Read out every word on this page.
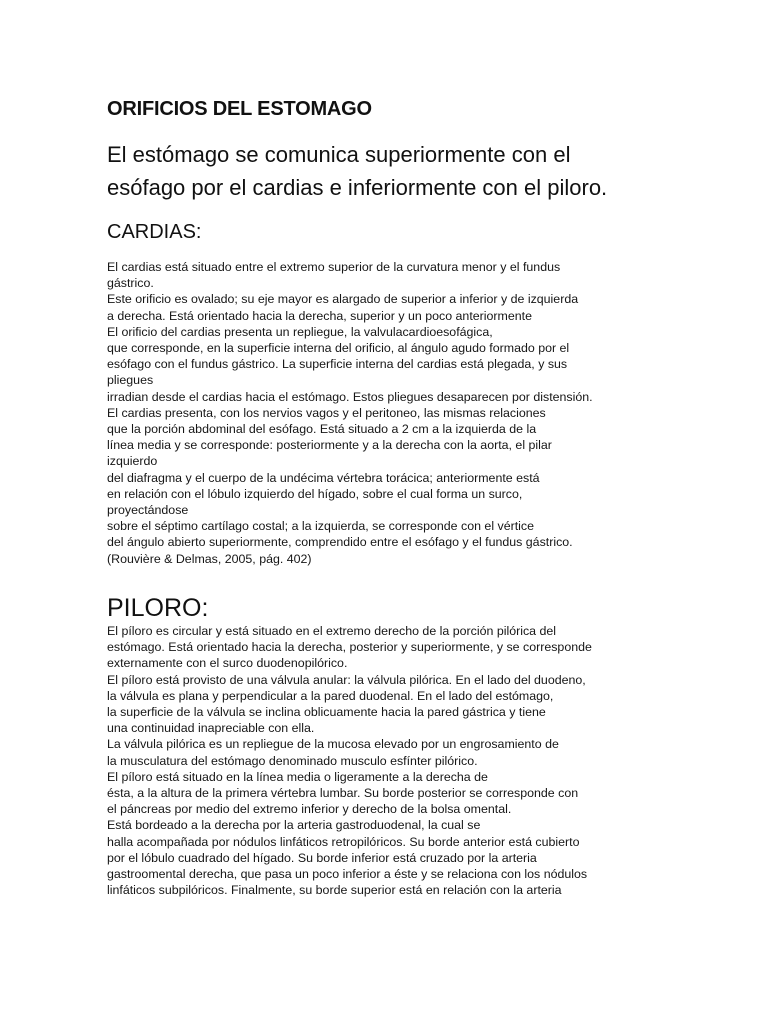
ORIFICIOS DEL ESTOMAGO

El estómago se comunica superiormente con el
esófago por el cardias e inferiormente con el piloro.

CARDIAS:
El cardias está situado entre el extremo superior de la curvatura menor y el fundus
gástrico.
Este orificio es ovalado; su eje mayor es alargado de superior a inferior y de izquierda
a derecha. Está orientado hacia la derecha, superior y un poco anteriormente
El orificio del cardias presenta un repliegue, la valvulacardioesofágica,
que corresponde, en la superficie interna del orificio, al ángulo agudo formado por el
esófago con el fundus gástrico. La superficie interna del cardias está plegada, y sus
pliegues
irradian desde el cardias hacia el estómago. Estos pliegues desaparecen por distensión.
El cardias presenta, con los nervios vagos y el peritoneo, las mismas relaciones
que la porción abdominal del esófago. Está situado a 2 cm a la izquierda de la
línea media y se corresponde: posteriormente y a la derecha con la aorta, el pilar
izquierdo
del diafragma y el cuerpo de la undécima vértebra torácica; anteriormente está
en relación con el lóbulo izquierdo del hígado, sobre el cual forma un surco,
proyectándose
sobre el séptimo cartílago costal; a la izquierda, se corresponde con el vértice
del ángulo abierto superiormente, comprendido entre el esófago y el fundus gástrico.
(Rouvière & Delmas, 2005, pág. 402)
PILORO:
El píloro es circular y está situado en el extremo derecho de la porción pilórica del
estómago. Está orientado hacia la derecha, posterior y superiormente, y se corresponde
externamente con el surco duodenopilórico.
El píloro está provisto de una válvula anular: la válvula pilórica. En el lado del duodeno,
la válvula es plana y perpendicular a la pared duodenal. En el lado del estómago,
la superficie de la válvula se inclina oblicuamente hacia la pared gástrica y tiene
una continuidad inapreciable con ella.
La válvula pilórica es un repliegue de la mucosa elevado por un engrosamiento de
la musculatura del estómago denominado musculo esfínter pilórico.
El píloro está situado en la línea media o ligeramente a la derecha de
ésta, a la altura de la primera vértebra lumbar. Su borde posterior se corresponde con
el páncreas por medio del extremo inferior y derecho de la bolsa omental.
Está bordeado a la derecha por la arteria gastroduodenal, la cual se
halla acompañada por nódulos linfáticos retropilóricos. Su borde anterior está cubierto
por el lóbulo cuadrado del hígado. Su borde inferior está cruzado por la arteria
gastroomental derecha, que pasa un poco inferior a éste y se relaciona con los nódulos
linfáticos subpilóricos. Finalmente, su borde superior está en relación con la arteria
